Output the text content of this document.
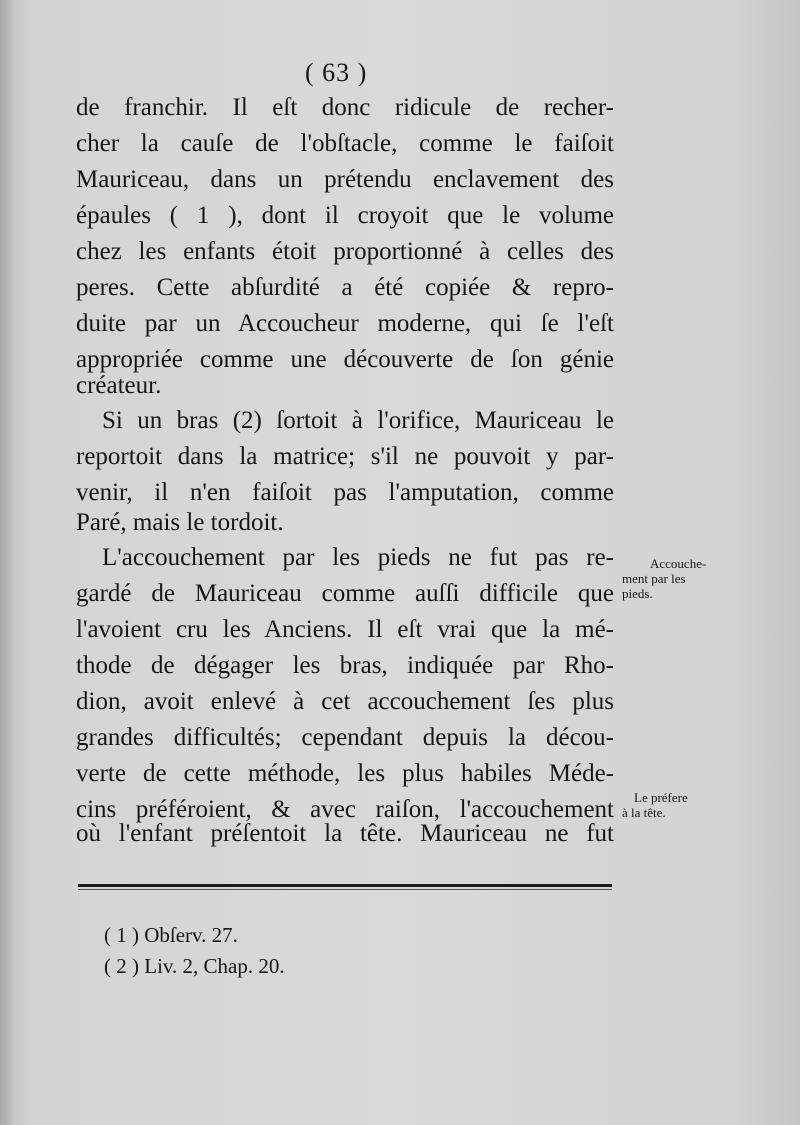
( 63 )
de franchir. Il eſt donc ridicule de recher-
cher la cauſe de l'obſtacle, comme le faiſoit
Mauriceau, dans un prétendu enclavement des
épaules ( 1 ), dont il croyoit que le volume
chez les enfants étoit proportionné à celles des
peres. Cette abſurdité a été copiée & repro-
duite par un Accoucheur moderne, qui ſe l'eſt
appropriée comme une découverte de ſon génie
créateur.
Si un bras (2) ſortoit à l'orifice, Mauriceau le
reportoit dans la matrice; s'il ne pouvoit y par-
venir, il n'en faiſoit pas l'amputation, comme
Paré, mais le tordoit.
L'accouchement par les pieds ne fut pas re-
gardé de Mauriceau comme auſſi difficile que
l'avoient cru les Anciens. Il eſt vrai que la mé-
thode de dégager les bras, indiquée par Rho-
dion, avoit enlevé à cet accouchement ſes plus
grandes difficultés; cependant depuis la décou-
verte de cette méthode, les plus habiles Méde-
cins préféroient, & avec raiſon, l'accouchement
où l'enfant préſentoit la tête. Mauriceau ne fut
Accouche-
ment par les
pieds.
Le préfere
à la tête.
( 1 ) Obſerv. 27.
( 2 ) Liv. 2, Chap. 20.
